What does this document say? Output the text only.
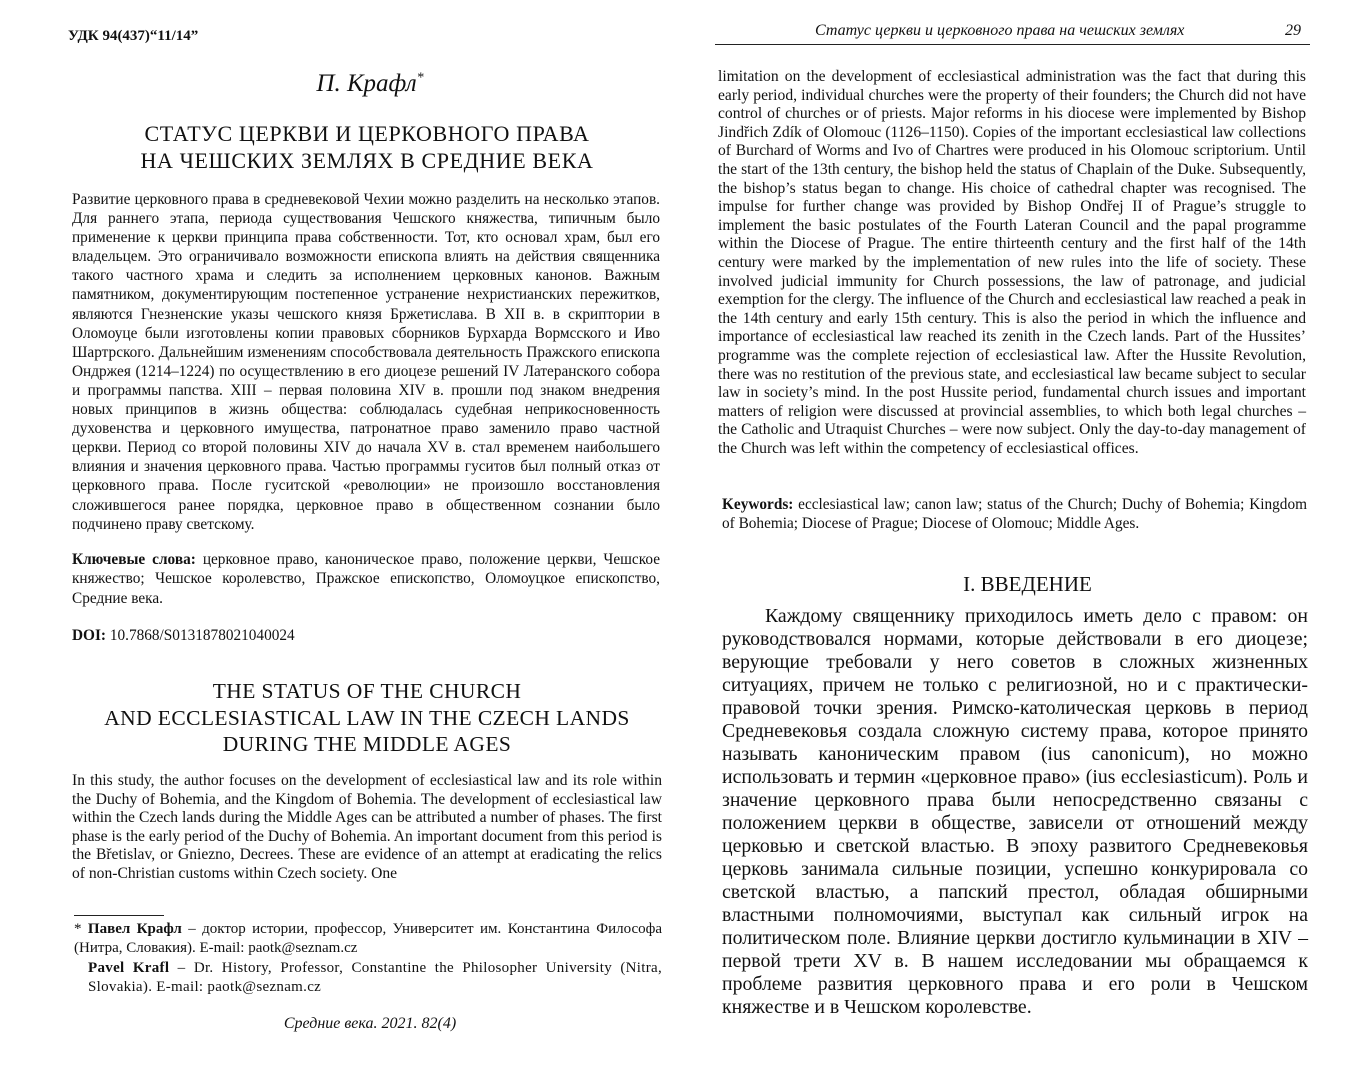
УДК 94(437)“11/14”
П. Крафл*
СТАТУС ЦЕРКВИ И ЦЕРКОВНОГО ПРАВА
НА ЧЕШСКИХ ЗЕМЛЯХ В СРЕДНИЕ ВЕКА
Развитие церковного права в средневековой Чехии можно разделить на несколько этапов. Для раннего этапа, периода существования Чешского княжества, типичным было применение к церкви принципа права собственности. Тот, кто основал храм, был его владельцем. Это ограничивало возможности епископа влиять на действия священника такого частного храма и следить за исполнением церковных канонов. Важным памятником, документирующим постепенное устранение нехристианских пережитков, являются Гнезненские указы чешского князя Бржетислава. В XII в. в скриптории в Оломоуце были изготовлены копии правовых сборников Бурхарда Вормсского и Иво Шартрского. Дальнейшим изменениям способствовала деятельность Пражского епископа Ондржея (1214–1224) по осуществлению в его диоцезе решений IV Латеранского собора и программы папства. XIII – первая половина XIV в. прошли под знаком внедрения новых принципов в жизнь общества: соблюдалась судебная неприкосновенность духовенства и церковного имущества, патронатное право заменило право частной церкви. Период со второй половины XIV до начала XV в. стал временем наибольшего влияния и значения церковного права. Частью программы гуситов был полный отказ от церковного права. После гуситской «революции» не произошло восстановления сложившегося ранее порядка, церковное право в общественном сознании было подчинено праву светскому.
Ключевые слова: церковное право, каноническое право, положение церкви, Чешское княжество; Чешское королевство, Пражское епископство, Оломоуцкое епископство, Средние века.
DOI: 10.7868/S0131878021040024
THE STATUS OF THE CHURCH
AND ECCLESIASTICAL LAW IN THE CZECH LANDS
DURING THE MIDDLE AGES
In this study, the author focuses on the development of ecclesiastical law and its role within the Duchy of Bohemia, and the Kingdom of Bohemia. The development of ecclesiastical law within the Czech lands during the Middle Ages can be attributed a number of phases. The first phase is the early period of the Duchy of Bohemia. An important document from this period is the Břetislav, or Gniezno, Decrees. These are evidence of an attempt at eradicating the relics of non-Christian customs within Czech society. One
* Павел Крафл – доктор истории, профессор, Университет им. Константина Философа (Нитра, Словакия). E-mail: paotk@seznam.cz
Pavel Krafl – Dr. History, Professor, Constantine the Philosopher University (Nitra, Slovakia). E-mail: paotk@seznam.cz
Средние века. 2021. 82(4)
Статус церкви и церковного права на чешских землях	29
limitation on the development of ecclesiastical administration was the fact that during this early period, individual churches were the property of their founders; the Church did not have control of churches or of priests. Major reforms in his diocese were implemented by Bishop Jindřich Zdík of Olomouc (1126–1150). Copies of the important ecclesiastical law collections of Burchard of Worms and Ivo of Chartres were produced in his Olomouc scriptorium. Until the start of the 13th century, the bishop held the status of Chaplain of the Duke. Subsequently, the bishop’s status began to change. His choice of cathedral chapter was recognised. The impulse for further change was provided by Bishop Ondřej II of Prague’s struggle to implement the basic postulates of the Fourth Lateran Council and the papal programme within the Diocese of Prague. The entire thirteenth century and the first half of the 14th century were marked by the implementation of new rules into the life of society. These involved judicial immunity for Church possessions, the law of patronage, and judicial exemption for the clergy. The influence of the Church and ecclesiastical law reached a peak in the 14th century and early 15th century. This is also the period in which the influence and importance of ecclesiastical law reached its zenith in the Czech lands. Part of the Hussites’ programme was the complete rejection of ecclesiastical law. After the Hussite Revolution, there was no restitution of the previous state, and ecclesiastical law became subject to secular law in society’s mind. In the post Hussite period, fundamental church issues and important matters of religion were discussed at provincial assemblies, to which both legal churches – the Catholic and Utraquist Churches – were now subject. Only the day-to-day management of the Church was left within the competency of ecclesiastical offices.
Keywords: ecclesiastical law; canon law; status of the Church; Duchy of Bohemia; Kingdom of Bohemia; Diocese of Prague; Diocese of Olomouc; Middle Ages.
I. ВВЕДЕНИЕ
Каждому священнику приходилось иметь дело с правом: он руководствовался нормами, которые действовали в его диоцезе; верующие требовали у него советов в сложных жизненных ситуациях, причем не только с религиозной, но и с практически-правовой точки зрения. Римско-католическая церковь в период Средневековья создала сложную систему права, которое принято называть каноническим правом (ius canonicum), но можно использовать и термин «церковное право» (ius ecclesiasticum). Роль и значение церковного права были непосредственно связаны с положением церкви в обществе, зависели от отношений между церковью и светской властью. В эпоху развитого Средневековья церковь занимала сильные позиции, успешно конкурировала со светской властью, а папский престол, обладая обширными властными полномочиями, выступал как сильный игрок на политическом поле. Влияние церкви достигло кульминации в XIV – первой трети XV в. В нашем исследовании мы обращаемся к проблеме развития церковного права и его роли в Чешском княжестве и в Чешском королевстве.
